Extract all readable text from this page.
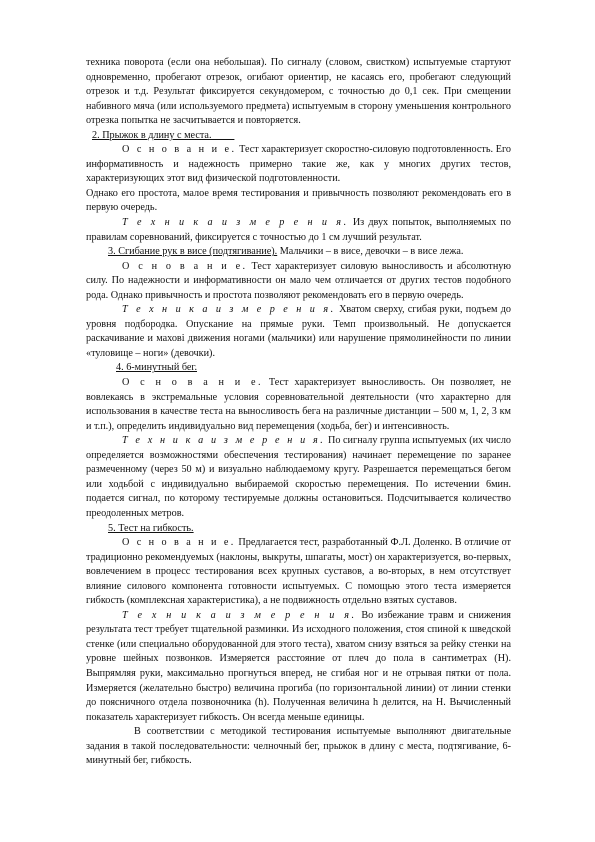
техника поворота (если она небольшая). По сигналу (словом, свистком) испытуемые стартуют одновременно, пробегают отрезок, огибают ориентир, не касаясь его, пробегают следующий отрезок и т.д. Результат фиксируется секундомером, с точностью до 0,1 сек. При смещении набивного мяча (или используемого предмета) испытуемым в сторону уменьшения контрольного отрезка попытка не засчитывается и повторяется.

2. Прыжок в длину с места.

О с н о в а н и е. Тест характеризует скоростно-силовую подготовленность. Его информативность и надежность примерно такие же, как у многих других тестов, характеризующих этот вид физической подготовленности.

Однако его простота, малое время тестирования и привычность позволяют рекомендовать его в первую очередь.

Т е х н и к а и з м е р е н и я. Из двух попыток, выполняемых по правилам соревнований, фиксируется с точностью до 1 см лучший результат.

3. Сгибание рук в висе (подтягивание). Мальчики – в висе, девочки – в висе лежа.

О с н о в а н и е. Тест характеризует силовую выносливость и абсолютную силу. По надежности и информативности он мало чем отличается от других тестов подобного рода. Однако привычность и простота позволяют рекомендовать его в первую очередь.

Т е х н и к а и з м е р е н и я. Хватом сверху, сгибая руки, подъем до уровня подбородка. Опускание на прямые руки. Темп произвольный. Не допускается раскачивание и махові движения ногами (мальчики) или нарушение прямолинейности по линии «туловище – ноги» (девочки).

4. 6-минутный бег.

О с н о в а н и е. Тест характеризует выносливость. Он позволяет, не вовлекаясь в экстремальные условия соревновательной деятельности (что характерно для использования в качестве теста на выносливость бега на различные дистанции – 500 м, 1, 2, 3 км и т.п.), определить индивидуально вид перемещения (ходьба, бег) и интенсивность.

Т е х н и к а и з м е р е н и я. По сигналу группа испытуемых (их число определяется возможностями обеспечения тестирования) начинает перемещение по заранее размеченному (через 50 м) и визуально наблюдаемому кругу. Разрешается перемещаться бегом или ходьбой с индивидуально выбираемой скоростью перемещения. По истечении 6мин. подается сигнал, по которому тестируемые должны остановиться. Подсчитывается количество преодоленных метров.

5. Тест на гибкость.

О с н о в а н и е. Предлагается тест, разработанный Ф.Л. Доленко. В отличие от традиционно рекомендуемых (наклоны, выкруты, шпагаты, мост) он характеризуется, во-первых, вовлечением в процесс тестирования всех крупных суставов, а во-вторых, в нем отсутствует влияние силового компонента готовности испытуемых. С помощью этого теста измеряется гибкость (комплексная характеристика), а не подвижность отдельно взятых суставов.

Т е х н и к а и з м е р е н и я. Во избежание травм и снижения результата тест требует тщательной разминки. Из исходного положения, стоя спиной к шведской стенке (или специально оборудованной для этого теста), хватом снизу взяться за рейку стенки на уровне шейных позвонков. Измеряется расстояние от плеч до пола в сантиметрах (Н). Выпрямляя руки, максимально прогнуться вперед, не сгибая ног и не отрывая пятки от пола. Измеряется (желательно быстро) величина прогиба (по горизонтальной линии) от линии стенки до поясничного отдела позвоночника (h). Полученная величина h делится, на Н. Вычисленный показатель характеризует гибкость. Он всегда меньше единицы.

В соответствии с методикой тестирования испытуемые выполняют двигательные задания в такой последовательности: челночный бег, прыжок в длину с места, подтягивание, 6-минутный бег, гибкость.
